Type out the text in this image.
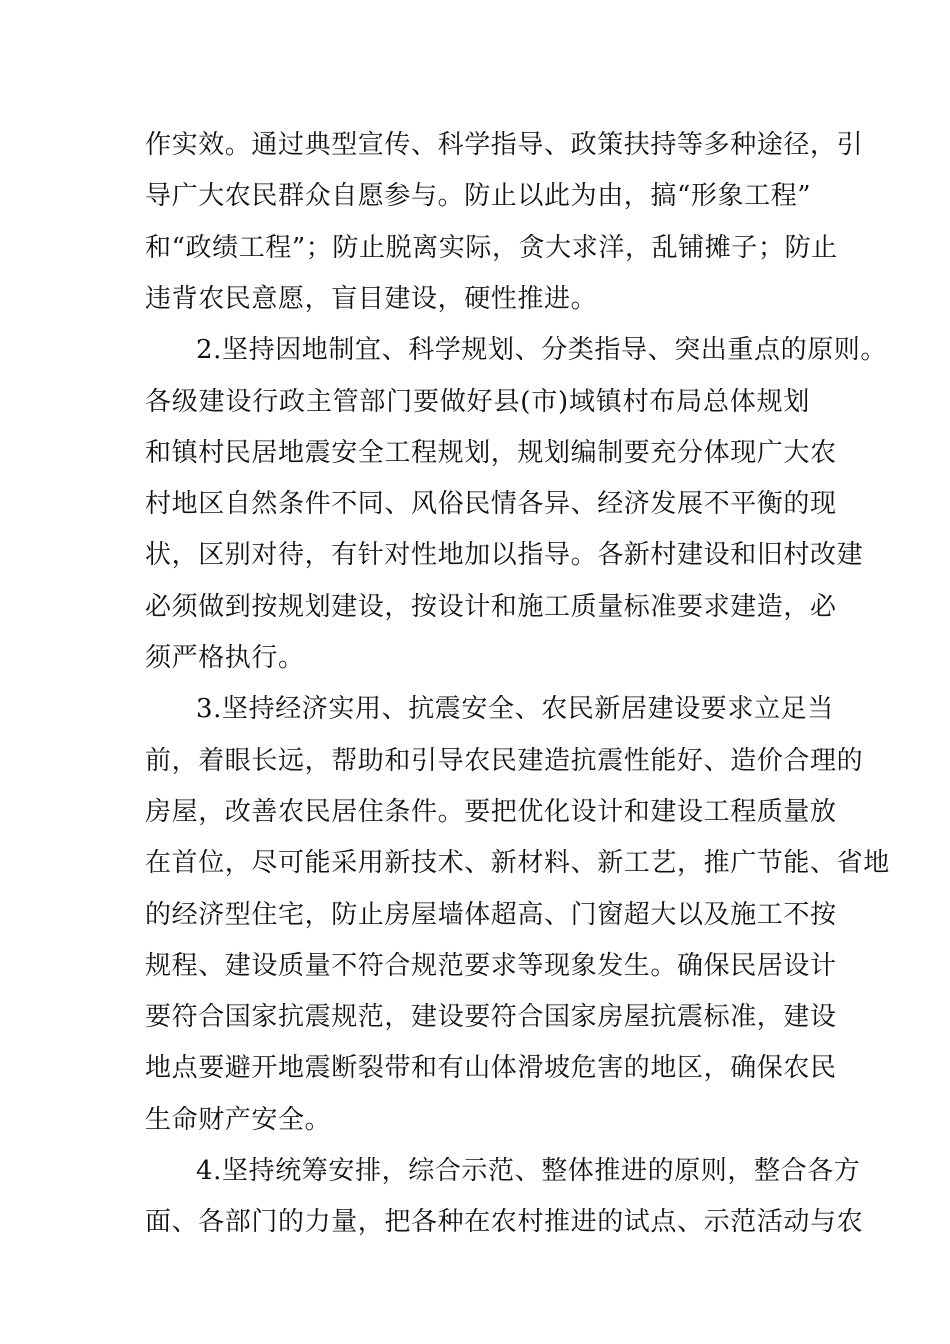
作实效。通过典型宣传、科学指导、政策扶持等多种途径，引
导广大农民群众自愿参与。防止以此为由，搞“形象工程”
和“政绩工程”；防止脱离实际，贪大求洋，乱铺摊子；防止
违背农民意愿，盲目建设，硬性推进。
2.坚持因地制宜、科学规划、分类指导、突出重点的原则。
各级建设行政主管部门要做好县(市)域镇村布局总体规划
和镇村民居地震安全工程规划，规划编制要充分体现广大农
村地区自然条件不同、风俗民情各异、经济发展不平衡的现
状，区别对待，有针对性地加以指导。各新村建设和旧村改建
必须做到按规划建设，按设计和施工质量标准要求建造，必
须严格执行。
3.坚持经济实用、抗震安全、农民新居建设要求立足当
前，着眼长远，帮助和引导农民建造抗震性能好、造价合理的
房屋，改善农民居住条件。要把优化设计和建设工程质量放
在首位，尽可能采用新技术、新材料、新工艺，推广节能、省地
的经济型住宅，防止房屋墙体超高、门窗超大以及施工不按
规程、建设质量不符合规范要求等现象发生。确保民居设计
要符合国家抗震规范，建设要符合国家房屋抗震标准，建设
地点要避开地震断裂带和有山体滑坡危害的地区，确保农民
生命财产安全。
4.坚持统筹安排，综合示范、整体推进的原则，整合各方
面、各部门的力量，把各种在农村推进的试点、示范活动与农
